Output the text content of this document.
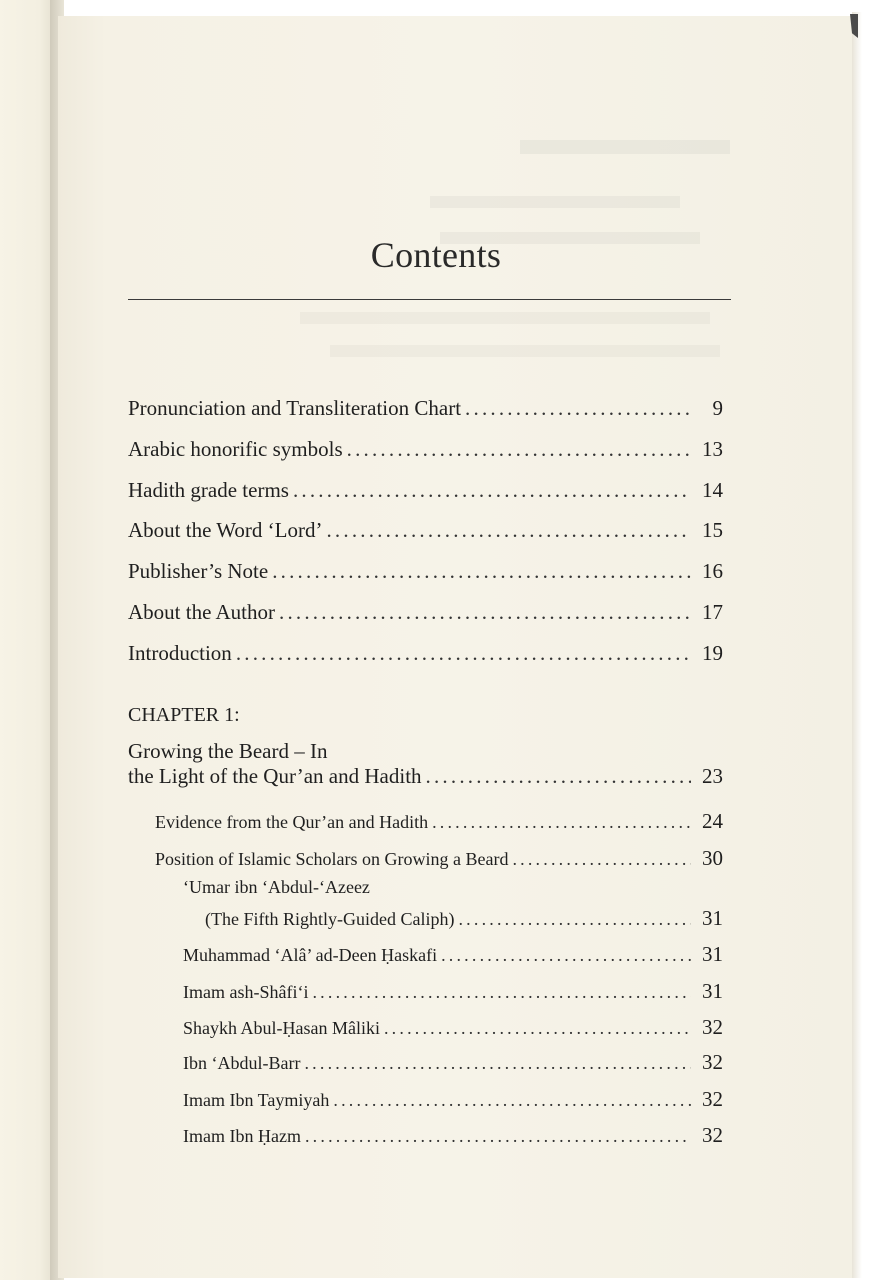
Contents
Pronunciation and Transliteration Chart .....	9
Arabic honorific symbols .....	13
Hadith grade terms .....	14
About the Word ‘Lord’ .....	15
Publisher’s Note .....	16
About the Author .....	17
Introduction .....	19
CHAPTER 1:
Growing the Beard – In
the Light of the Qur’an and Hadith .....	23
Evidence from the Qur’an and Hadith .....	24
Position of Islamic Scholars on Growing a Beard .....	30
‘Umar ibn ‘Abdul-‘Azeez
(The Fifth Rightly-Guided Caliph) .....	31
Muhammad ‘Alâ’ ad-Deen Ḥaskafi .....	31
Imam ash-Shâfi‘i .....	31
Shaykh Abul-Ḥasan Mâliki .....	32
Ibn ‘Abdul-Barr .....	32
Imam Ibn Taymiyah .....	32
Imam Ibn Ḥazm .....	32
